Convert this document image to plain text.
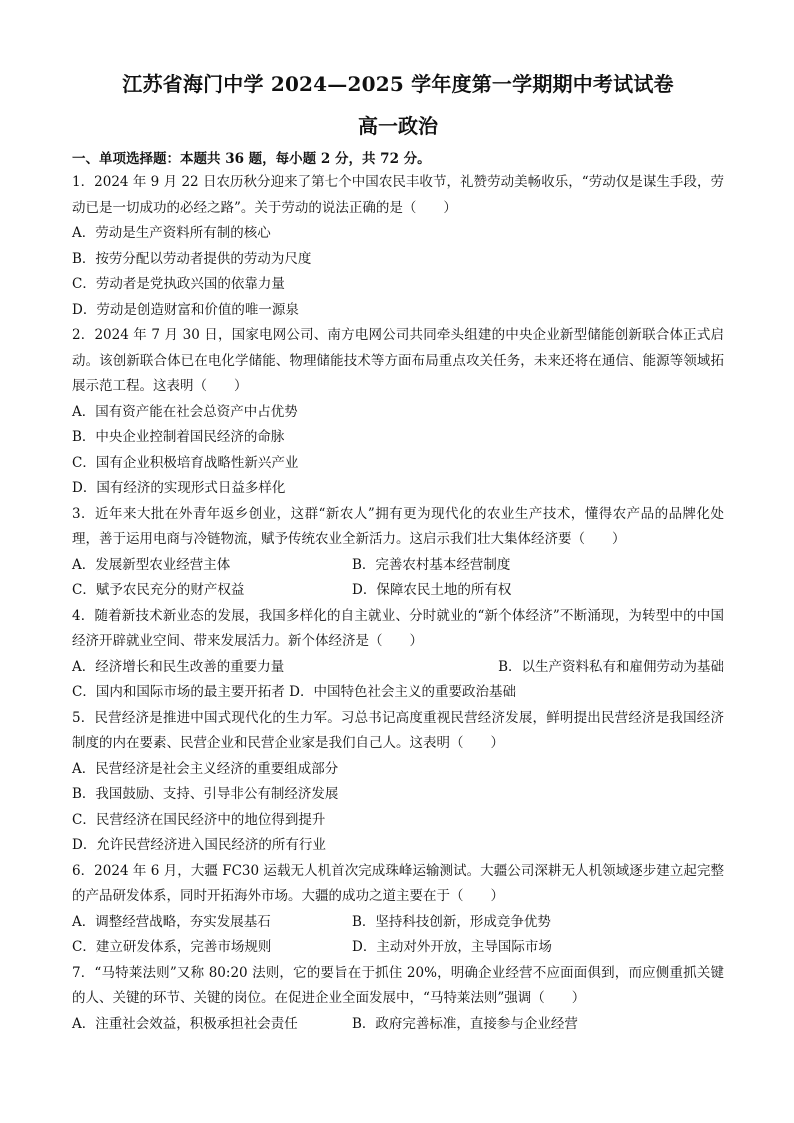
江苏省海门中学 2024—2025 学年度第一学期期中考试试卷
高一政治

一、单项选择题：本题共 36 题，每小题 2 分，共 72 分。

1．2024 年 9 月 22 日农历秋分迎来了第七个中国农民丰收节，礼赞劳动美畅收乐，“劳动仅是谋生手段，劳动已是一切成功的必经之路”。关于劳动的说法正确的是（　　）

A．劳动是生产资料所有制的核心

B．按劳分配以劳动者提供的劳动为尺度

C．劳动者是党执政兴国的依靠力量

D．劳动是创造财富和价值的唯一源泉

2．2024 年 7 月 30 日，国家电网公司、南方电网公司共同牵头组建的中央企业新型储能创新联合体正式启动。该创新联合体已在电化学储能、物理储能技术等方面布局重点攻关任务，未来还将在通信、能源等领域拓展示范工程。这表明（　　）

A．国有资产能在社会总资产中占优势

B．中央企业控制着国民经济的命脉

C．国有企业积极培育战略性新兴产业

D．国有经济的实现形式日益多样化

3．近年来大批在外青年返乡创业，这群“新农人”拥有更为现代化的农业生产技术，懂得农产品的品牌化处理，善于运用电商与冷链物流，赋予传统农业全新活力。这启示我们壮大集体经济要（　　）

A．发展新型农业经营主体	B．完善农村基本经营制度
C．赋予农民充分的财产权益	D．保障农民土地的所有权

4．随着新技术新业态的发展，我国多样化的自主就业、分时就业的“新个体经济”不断涌现，为转型中的中国经济开辟就业空间、带来发展活力。新个体经济是（　　）

A．经济增长和民生改善的重要力量	B．以生产资料私有和雇佣劳动为基础

C．国内和国际市场的最主要开拓者 D．中国特色社会主义的重要政治基础

5．民营经济是推进中国式现代化的生力军。习总书记高度重视民营经济发展，鲜明提出民营经济是我国经济制度的内在要素、民营企业和民营企业家是我们自己人。这表明（　　）

A．民营经济是社会主义经济的重要组成部分

B．我国鼓励、支持、引导非公有制经济发展

C．民营经济在国民经济中的地位得到提升

D．允许民营经济进入国民经济的所有行业

6．2024 年 6 月，大疆 FC30 运载无人机首次完成珠峰运输测试。大疆公司深耕无人机领域逐步建立起完整的产品研发体系，同时开拓海外市场。大疆的成功之道主要在于（　　）

A．调整经营战略，夯实发展基石	B．坚持科技创新，形成竞争优势
C．建立研发体系，完善市场规则	D．主动对外开放，主导国际市场

7．“马特莱法则”又称 80:20 法则，它的要旨在于抓住 20%，明确企业经营不应面面俱到，而应侧重抓关键的人、关键的环节、关键的岗位。在促进企业全面发展中，“马特莱法则”强调（　　）

A．注重社会效益，积极承担社会责任	B．政府完善标准，直接参与企业经营
